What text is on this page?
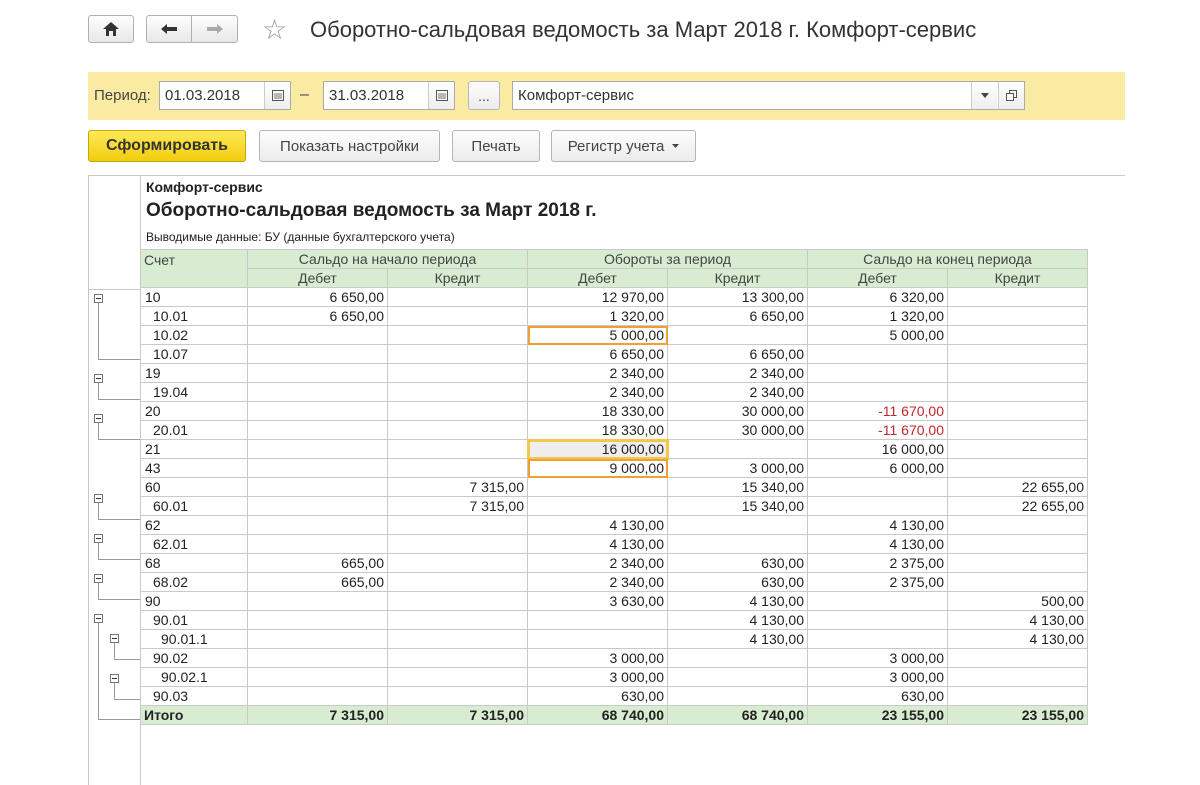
☆ Оборотно-сальдовая ведомость за Март 2018 г. Комфорт-сервис
Период: 01.03.2018	–	31.03.2018	...	Комфорт-сервис
Сформировать	Показать настройки	Печать	Регистр учета
Комфорт-сервис
Оборотно-сальдовая ведомость за Март 2018 г.
Выводимые данные: БУ (данные бухгалтерского учета)
Счет	Сальдо на начало периода		Обороты за период		Сальдо на конец периода	
	Дебет	Кредит	Дебет	Кредит	Дебет	Кредит
10	6 650,00		12 970,00	13 300,00	6 320,00	
10.01	6 650,00		1 320,00	6 650,00	1 320,00	
10.02			5 000,00		5 000,00	
10.07			6 650,00	6 650,00		
19			2 340,00	2 340,00		
19.04			2 340,00	2 340,00		
20			18 330,00	30 000,00	-11 670,00	
20.01			18 330,00	30 000,00	-11 670,00	
21			16 000,00		16 000,00	
43			9 000,00	3 000,00	6 000,00	
60		7 315,00		15 340,00		22 655,00
60.01		7 315,00		15 340,00		22 655,00
62			4 130,00		4 130,00	
62.01			4 130,00		4 130,00	
68	665,00		2 340,00	630,00	2 375,00	
68.02	665,00		2 340,00	630,00	2 375,00	
90			3 630,00	4 130,00		500,00
90.01				4 130,00		4 130,00
90.01.1				4 130,00		4 130,00
90.02			3 000,00		3 000,00	
90.02.1			3 000,00		3 000,00	
90.03			630,00		630,00	
Итого	7 315,00	7 315,00	68 740,00	68 740,00	23 155,00	23 155,00
